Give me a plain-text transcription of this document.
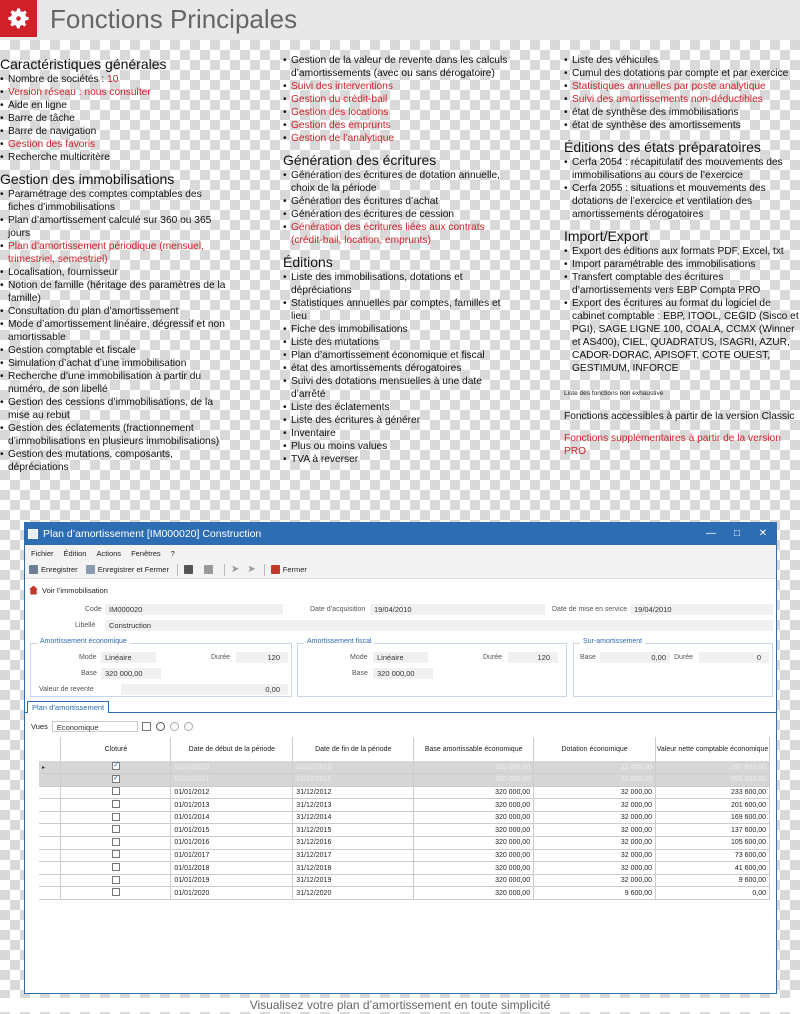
Fonctions Principales
Caractéristiques générales
• Nombre de sociétés : 10
• Version réseau : nous consulter
• Aide en ligne
• Barre de tâche
• Barre de navigation
• Gestion des favoris
• Recherche multicritère
Gestion des immobilisations
• Paramétrage des comptes comptables des fiches d’immobilisations
• Plan d’amortissement calculé sur 360 ou 365 jours
• Plan d’amortissement périodique (mensuel, trimestriel, semestriel)
• Localisation, fournisseur
• Notion de famille (héritage des paramètres de la famille)
• Consultation du plan d’amortissement
• Mode d’amortissement linéaire, dégressif et non amortissable
• Gestion comptable et fiscale
• Simulation d’achat d’une immobilisation
• Recherche d’une immobilisation à partir du numéro, de son libellé
• Gestion des cessions d’immobilisations, de la mise au rebut
• Gestion des éclatements (fractionnement d’immobilisations en plusieurs immobilisations)
• Gestion des mutations, composants, dépréciations
• Gestion de la valeur de revente dans les calculs d’amortissements (avec ou sans dérogatoire)
• Suivi des interventions
• Gestion du crédit-bail
• Gestion des locations
• Gestion des emprunts
• Gestion de l’analytique
Génération des écritures
• Génération des écritures de dotation annuelle, choix de la période
• Génération des écritures d’achat
• Génération des écritures de cession
• Génération des écritures liées aux contrats (crédit-bail, location, emprunts)
Éditions
• Liste des immobilisations, dotations et dépréciations
• Statistiques annuelles par comptes, familles et lieu
• Fiche des immobilisations
• Liste des mutations
• Plan d’amortissement économique et fiscal
• état des amortissements dérogatoires
• Suivi des dotations mensuelles à une date d’arrêté
• Liste des éclatements
• Liste des écritures à générer
• Inventaire
• Plus ou moins values
• TVA à reverser
• Liste des véhicules
• Cumul des dotations par compte et par exercice
• Statistiques annuelles par poste analytique
• Suivi des amortissements non-déductibles
• état de synthèse des immobilisations
• état de synthèse des amortissements
Éditions des états préparatoires
• Cerfa 2054 : récapitulatif des mouvements des immobilisations au cours de l’exercice
• Cerfa 2055 : situations et mouvements des dotations de l’exercice et ventilation des amortissements dérogatoires
Import/Export
• Export des éditions aux formats PDF, Excel, txt
• Import paramétrable des immobilisations
• Transfert comptable des écritures d’amortissements vers EBP Compta PRO
• Export des écritures au format du logiciel de cabinet comptable : EBP, ITOOL, CEGID (Sisco et PGI), SAGE LIGNE 100, COALA, CCMX (Winner et AS400), CIEL, QUADRATUS, ISAGRI, AZUR, CADOR-DORAC, APISOFT, COTE OUEST, GESTIMUM, INFORCE
Liste des fonctions non exhaustive
Fonctions accessibles à partir de la version Classic
Fonctions supplémentaires à partir de la version PRO
Plan d’amortissement [IM000020] Construction	—	□	✕
Fichier Édition Actions Fenêtres ?
Enregistrer	Enregistrer et Fermer	➤ ➤	Fermer
Voir l’immobilisation
Code IM000020
Libellé	Construction
Date d’acquisition	19/04/2010	Date de mise en service 19/04/2010
Amortissement économique
Mode	Linéaire	Durée	120
Base	320 000,00
Valeur de revente	0,00
Amortissement fiscal
Mode	Linéaire	Durée	120
Base	320 000,00
Sur-amortissement
Base	0,00	Durée	0
Plan d’amortissement
Vues	Economique
	Cloturé	Date de début de la période	Date de fin de la période	Base amortissable économique	Dotation économique	Valeur nette comptable économique
▸	✓	01/01/2010	31/12/2010	320 000,00	22 400,00	297 600,00
	✓	01/01/2011	31/12/2011	320 000,00	32 000,00	265 600,00
		01/01/2012	31/12/2012	320 000,00	32 000,00	233 600,00
		01/01/2013	31/12/2013	320 000,00	32 000,00	201 600,00
		01/01/2014	31/12/2014	320 000,00	32 000,00	169 600,00
		01/01/2015	31/12/2015	320 000,00	32 000,00	137 600,00
		01/01/2016	31/12/2016	320 000,00	32 000,00	105 600,00
		01/01/2017	31/12/2017	320 000,00	32 000,00	73 600,00
		01/01/2018	31/12/2018	320 000,00	32 000,00	41 600,00
		01/01/2019	31/12/2019	320 000,00	32 000,00	9 600,00
		01/01/2020	31/12/2020	320 000,00	9 600,00	0,00
Visualisez votre plan d’amortissement en toute simplicité
